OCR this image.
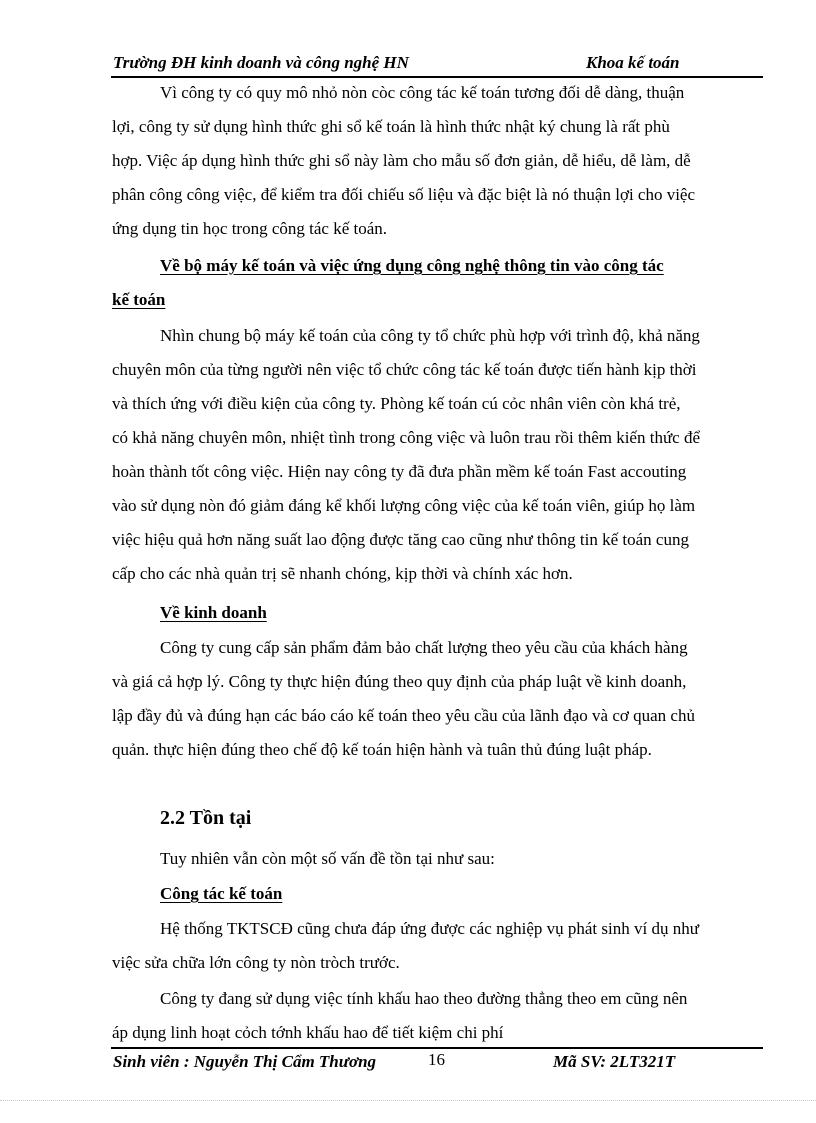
Trường ĐH kinh doanh và công nghệ HN	Khoa kế toán

Vì công ty có quy mô nhỏ nòn còc công tác kế toán tương đối dễ dàng, thuận
lợi, công ty sử dụng hình thức ghi sổ kế toán là hình thức nhật ký chung là rất phù
hợp. Việc áp dụng hình thức ghi sổ này làm cho mẫu số đơn giản, dễ hiểu, dễ làm, dễ
phân công công việc, để kiểm tra đối chiếu số liệu và đặc biệt là nó thuận lợi cho việc
ứng dụng tin học trong công tác kế toán.

Về bộ máy kế toán và việc ứng dụng công nghệ thông tin vào công tác
kế toán

Nhìn chung bộ máy kế toán của công ty tổ chức phù hợp với trình độ, khả năng
chuyên môn của từng người nên việc tổ chức công tác kế toán được tiến hành kịp thời
và thích ứng với điều kiện của công ty. Phòng kế toán cú cỏc nhân viên còn khá trẻ,
có khả năng chuyên môn, nhiệt tình trong công việc và luôn trau rồi thêm kiến thức để
hoàn thành tốt công việc. Hiện nay công ty đã đưa phần mềm kế toán Fast accouting
vào sử dụng nòn đó giảm đáng kể khối lượng công việc của kế toán viên, giúp họ làm
việc hiệu quả hơn năng suất lao động được tăng cao cũng như thông tin kế toán cung
cấp cho các nhà quản trị sẽ nhanh chóng, kịp thời và chính xác hơn.

Về kinh doanh

Công ty cung cấp sản phẩm đảm bảo chất lượng theo yêu cầu của khách hàng
và giá cả hợp lý. Công ty thực hiện đúng theo quy định của pháp luật về kinh doanh,
lập đầy đủ và đúng hạn các báo cáo kế toán theo yêu cầu của lãnh đạo và cơ quan chủ
quản. thực hiện đúng theo chế độ kế toán hiện hành và tuân thủ đúng luật pháp.

2.2 Tồn tại

Tuy nhiên vẫn còn một số vấn đề tồn tại như sau:

Công tác kế toán

Hệ thống TKTSCĐ cũng chưa đáp ứng được các nghiệp vụ phát sinh ví dụ như
việc sửa chữa lớn công ty nòn tròch trước.

Công ty đang sử dụng việc tính khấu hao theo đường thẳng theo em cũng nên
áp dụng linh hoạt cỏch tớnh khấu hao để tiết kiệm chi phí

Sinh viên : Nguyễn Thị Cẩm Thương	16	Mã SV: 2LT321T
